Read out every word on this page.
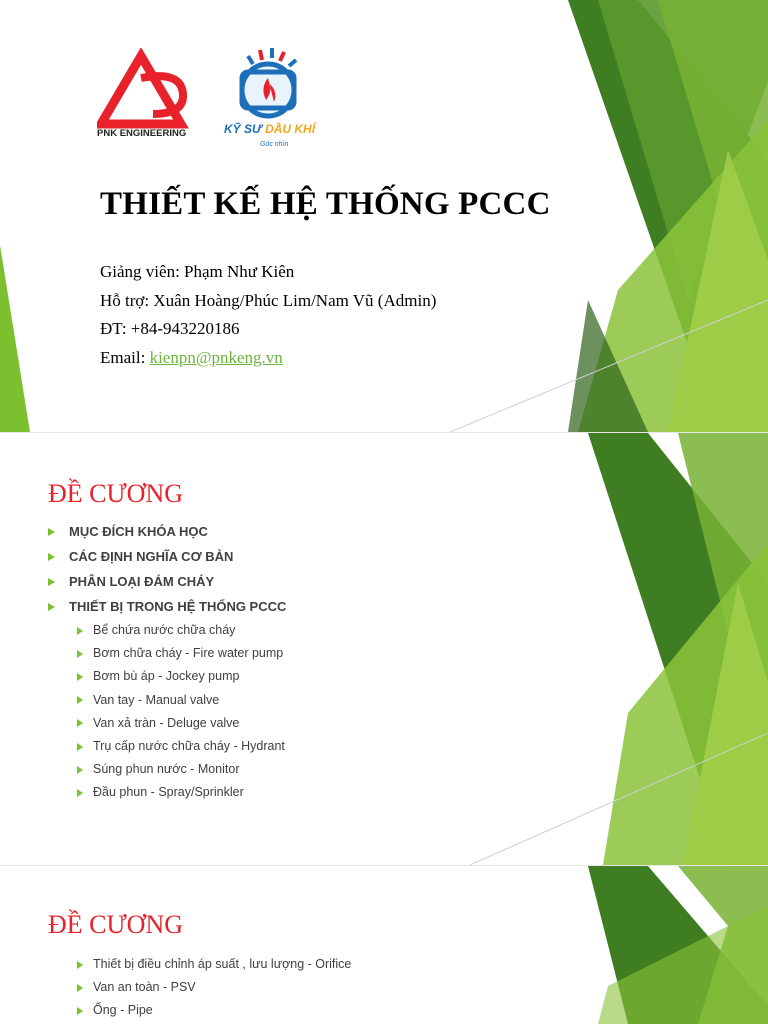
PNK ENGINEERING	KỸ SƯ DẦU KHÍ
Góc nhìn
THIẾT KẾ HỆ THỐNG PCCC
Giảng viên: Phạm Như Kiên
Hỗ trợ: Xuân Hoàng/Phúc Lim/Nam Vũ (Admin)
ĐT: +84-943220186
Email: kienpn@pnkeng.vn
ĐỀ CƯƠNG
MỤC ĐÍCH KHÓA HỌC
CÁC ĐỊNH NGHĨA CƠ BẢN
PHÂN LOẠI ĐÁM CHÁY
THIẾT BỊ TRONG HỆ THỐNG PCCC
Bể chứa nước chữa cháy
Bơm chữa cháy - Fire water pump
Bơm bù áp - Jockey pump
Van tay - Manual valve
Van xả tràn - Deluge valve
Trụ cấp nước chữa cháy - Hydrant
Súng phun nước - Monitor
Đầu phun - Spray/Sprinkler
ĐỀ CƯƠNG
Thiết bị điều chỉnh áp suất , lưu lượng - Orifice
Van an toàn - PSV
Ống - Pipe
